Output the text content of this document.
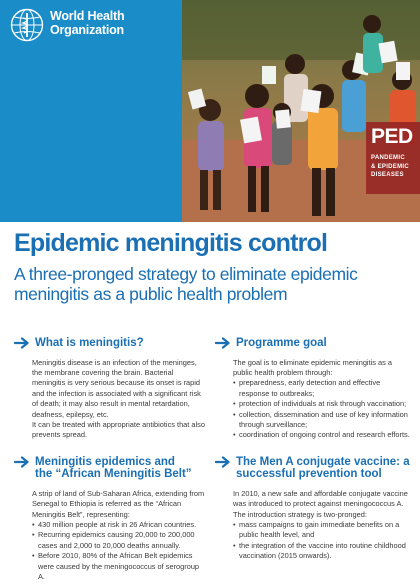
World Health
Organization
PED
PANDEMIC
& EPIDEMIC
DISEASES
Epidemic meningitis control
A three-pronged strategy to eliminate epidemic meningitis as a public health problem
What is meningitis?

Meningitis disease is an infection of the meninges, the membrane covering the brain. Bacterial meningitis is very serious because its onset is rapid and the infection is associated with a significant risk of death; it may also result in mental retardation, deafness, epilepsy, etc.

It can be treated with appropriate antibiotics that also prevents spread.

Meningitis epidemics and
the “African Meningitis Belt”

A strip of land of Sub-Saharan Africa, extending from Senegal to Ethiopia is referred as the “African Meningitis Belt”, representing:

• 430 million people at risk in 26 African countries.
• Recurring epidemics causing 20,000 to 200,000 cases and 2,000 to 20,000 deaths annually.
• Before 2010, 80% of the African Belt epidemics were caused by the meningococcus of serogroup A.
Programme goal

The goal is to eliminate epidemic meningitis as a public health problem through:

• preparedness, early detection and effective response to outbreaks;
• protection of individuals at risk through vaccination;
• collection, dissemination and use of key information through surveillance;
• coordination of ongoing control and research efforts.
The Men A conjugate vaccine: a
successful prevention tool

In 2010, a new safe and affordable conjugate vaccine was introduced to protect against meningococcus A.

The introduction strategy is two-pronged:

• mass campaigns to gain immediate benefits on a public health level, and
• the integration of the vaccine into routine childhood vaccination (2015 onwards).
